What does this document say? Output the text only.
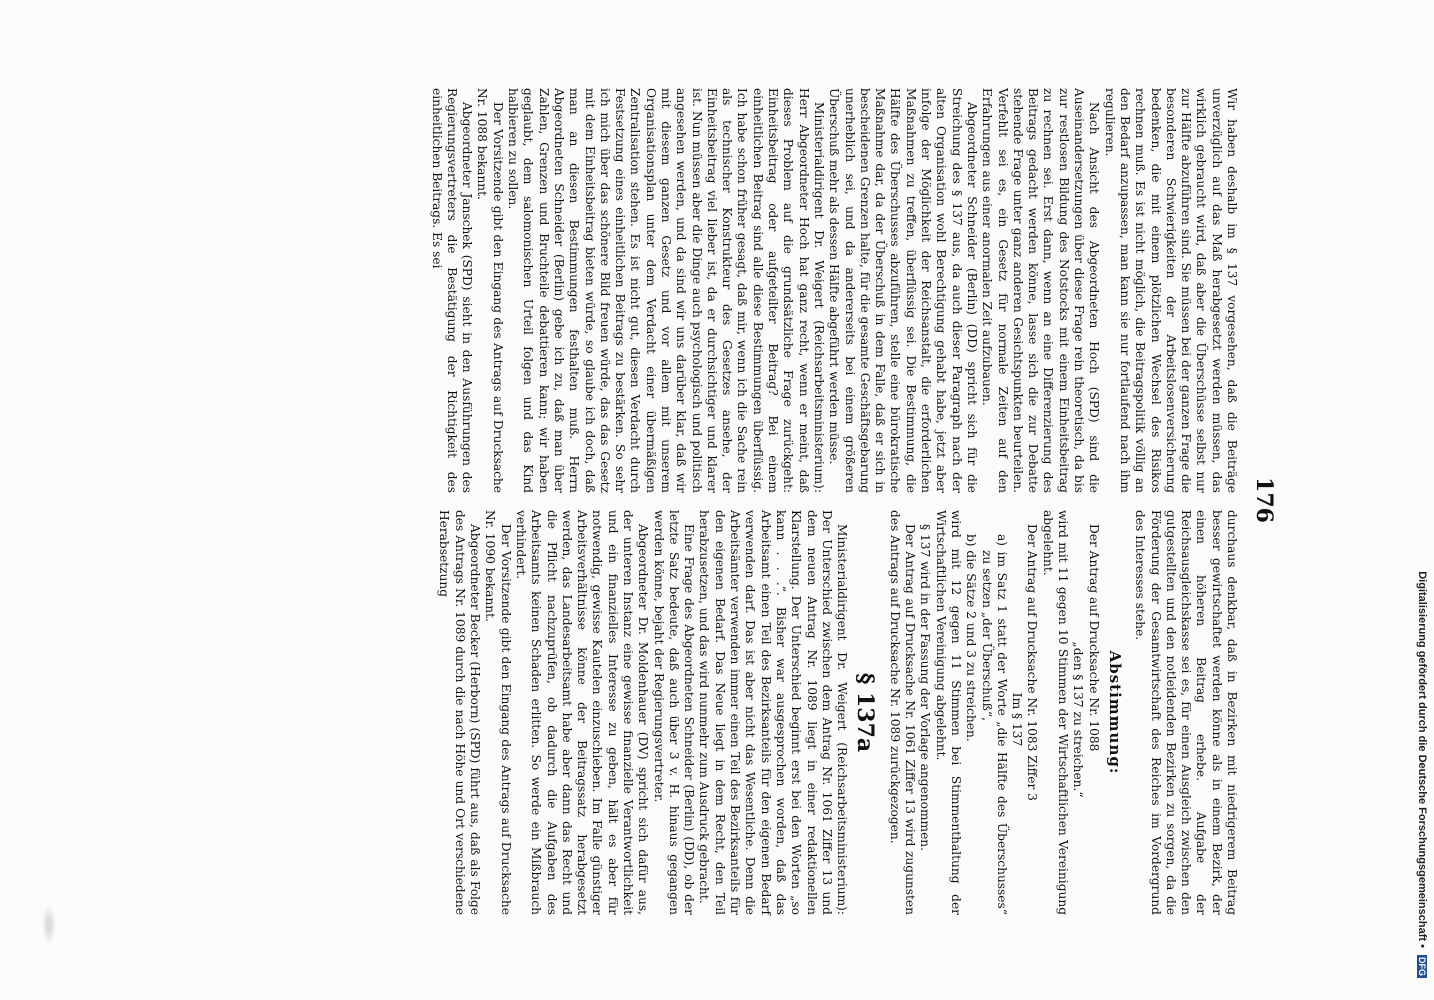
176

Wir haben deshalb im § 137 vorgesehen, daß die Beiträge unverzüglich auf das Maß herabgesetzt werden müssen, das wirklich gebraucht wird, daß aber die Überschüsse selbst nur zur Hälfte abzuführen sind. Sie müssen bei der ganzen Frage die besonderen Schwierigkeiten der Arbeitslosenversicherung bedenken, die mit einem plötzlichen Wechsel des Risikos rechnen muß. Es ist nicht möglich, die Beitragspolitik völlig an den Bedarf anzupassen, man kann sie nur fortlaufend nach ihm regulieren.

Nach Ansicht des Abgeordneten Hoch (SPD) sind die Auseinandersetzungen über diese Frage rein theoretisch, da bis zur restlosen Bildung des Notstocks mit einem Einheitsbeitrag zu rechnen sei. Erst dann, wenn an eine Differenzierung des Beitrags gedacht werden könne, lasse sich die zur Debatte stehende Frage unter ganz anderen Gesichtspunkten beurteilen. Verfehlt sei es, ein Gesetz für normale Zeiten auf den Erfahrungen aus einer anormalen Zeit aufzubauen.

Abgeordneter Schneider (Berlin) (DD) spricht sich für die Streichung des § 137 aus, da auch dieser Paragraph nach der alten Organisation wohl Berechtigung gehabt habe, jetzt aber infolge der Möglichkeit der Reichsanstalt, die erforderlichen Maßnahmen zu treffen, überflüssig sei. Die Bestimmung, die Hälfte des Überschusses abzuführen, stelle eine bürokratische Maßnahme dar, da der Überschuß in dem Falle, daß er sich in bescheidenen Grenzen halte, für die gesamte Geschäftsgebarung unerheblich sei, und da andererseits bei einem größeren Überschuß mehr als dessen Hälfte abgeführt werden müsse.

Ministerialdirigent Dr. Weigert (Reichsarbeitsministerium): Herr Abgeordneter Hoch hat ganz recht, wenn er meint, daß dieses Problem auf die grundsätzliche Frage zurückgeht: Einheitsbeitrag oder aufgeteilter Beitrag? Bei einem einheitlichen Beitrag sind alle diese Bestimmungen überflüssig. Ich habe schon früher gesagt, daß mir, wenn ich die Sache rein als technischer Konstrukteur des Gesetzes ansehe, der Einheitsbeitrag viel lieber ist, da er durchsichtiger und klarer ist. Nun müssen aber die Dinge auch psychologisch und politisch angesehen werden, und da sind wir uns darüber klar, daß wir mit diesem ganzen Gesetz und vor allem mit unserem Organisationsplan unter dem Verdacht einer übermäßigen Zentralisation stehen. Es ist nicht gut, diesen Verdacht durch Festsetzung eines einheitlichen Beitrags zu bestärken. So sehr ich mich über das schönere Bild freuen würde, das das Gesetz mit dem Einheitsbeitrag bieten würde, so glaube ich doch, daß man an diesen Bestimmungen festhalten muß. Herrn Abgeordneten Schneider (Berlin) gebe ich zu, daß man über Zahlen, Grenzen und Bruchteile debattieren kann; wir haben geglaubt, dem salomonischen Urteil folgen und das Kind halbieren zu sollen.

Der Vorsitzende gibt den Eingang des Antrags auf Drucksache Nr. 1088 bekannt.

Abgeordneter Janschek (SPD) sieht in den Ausführungen des Regierungsvertreters die Bestätigung der Richtigkeit des einheitlichen Beitrags. Es sei

durchaus denkbar, daß in Bezirken mit niedrigerem Beitrag besser gewirtschaftet werden könne als in einem Bezirk, der einen höheren Beitrag erhebe. Aufgabe der Reichsausgleichskasse sei es, für einen Ausgleich zwischen den gutgestellten und den notleidenden Bezirken zu sorgen, da die Förderung der Gesamtwirtschaft des Reiches im Vordergrund des Interesses stehe.

Abstimmung:

Der Antrag auf Drucksache Nr. 1088

„den § 137 zu streichen.“

wird mit 11 gegen 10 Stimmen der Wirtschaftlichen Vereinigung abgelehnt.

Der Antrag auf Drucksache Nr. 1083 Ziffer 3

Im § 137

a) im Satz 1 statt der Worte „die Hälfte des Überschusses“ zu setzen „der Überschuß“,

b) die Sätze 2 und 3 zu streichen.

wird mit 12 gegen 11 Stimmen bei Stimmenthaltung der Wirtschaftlichen Vereinigung abgelehnt.

§ 137 wird in der Fassung der Vorlage angenommen.

Der Antrag auf Drucksache Nr. 1061 Ziffer 13 wird zugunsten des Antrags auf Drucksache Nr. 1089 zurückgezogen.

§ 137a

Ministerialdirigent Dr. Weigert (Reichsarbeitsministerium): Der Unterschied zwischen dem Antrag Nr. 1061 Ziffer 13 und dem neuen Antrag Nr. 1089 liegt in einer redaktionellen Klarstellung. Der Unterschied beginnt erst bei den Worten „so kann . . .“. Bisher war ausgesprochen worden, daß das Arbeitsamt einen Teil des Bezirksanteils für den eigenen Bedarf verwenden darf. Das ist aber nicht das Wesentliche. Denn die Arbeitsämter verwenden immer einen Teil des Bezirksanteils für den eigenen Bedarf. Das Neue liegt in dem Recht, den Teil herabzusetzen, und das wird nunmehr zum Ausdruck gebracht.

Eine Frage des Abgeordneten Schneider (Berlin) (DD), ob der letzte Satz bedeute, daß auch über 3 v. H. hinaus gegangen werden könne, bejaht der Regierungsvertreter.

Abgeordneter Dr. Moldenhauer (DV) spricht sich dafür aus, der unteren Instanz eine gewisse finanzielle Verantwortlichkeit und ein finanzielles Interesse zu geben, hält es aber für notwendig, gewisse Kautelen einzuschieben. Im Falle günstiger Arbeitsverhältnisse könne der Beitragssatz herabgesetzt werden, das Landesarbeitsamt habe aber dann das Recht und die Pflicht nachzuprüfen, ob dadurch die Aufgaben des Arbeitsamts keinen Schaden erlitten. So werde ein Mißbrauch verhindert.

Der Vorsitzende gibt den Eingang des Antrags auf Drucksache Nr. 1090 bekannt.

Abgeordneter Becker (Herborn) (SPD) führt aus, daß als Folge des Antrags Nr. 1089 durch die nach Höhe und Ort verschiedene Herabsetzung

Digitalisierung gefördert durch die Deutsche Forschungsgemeinschaft • DFG
